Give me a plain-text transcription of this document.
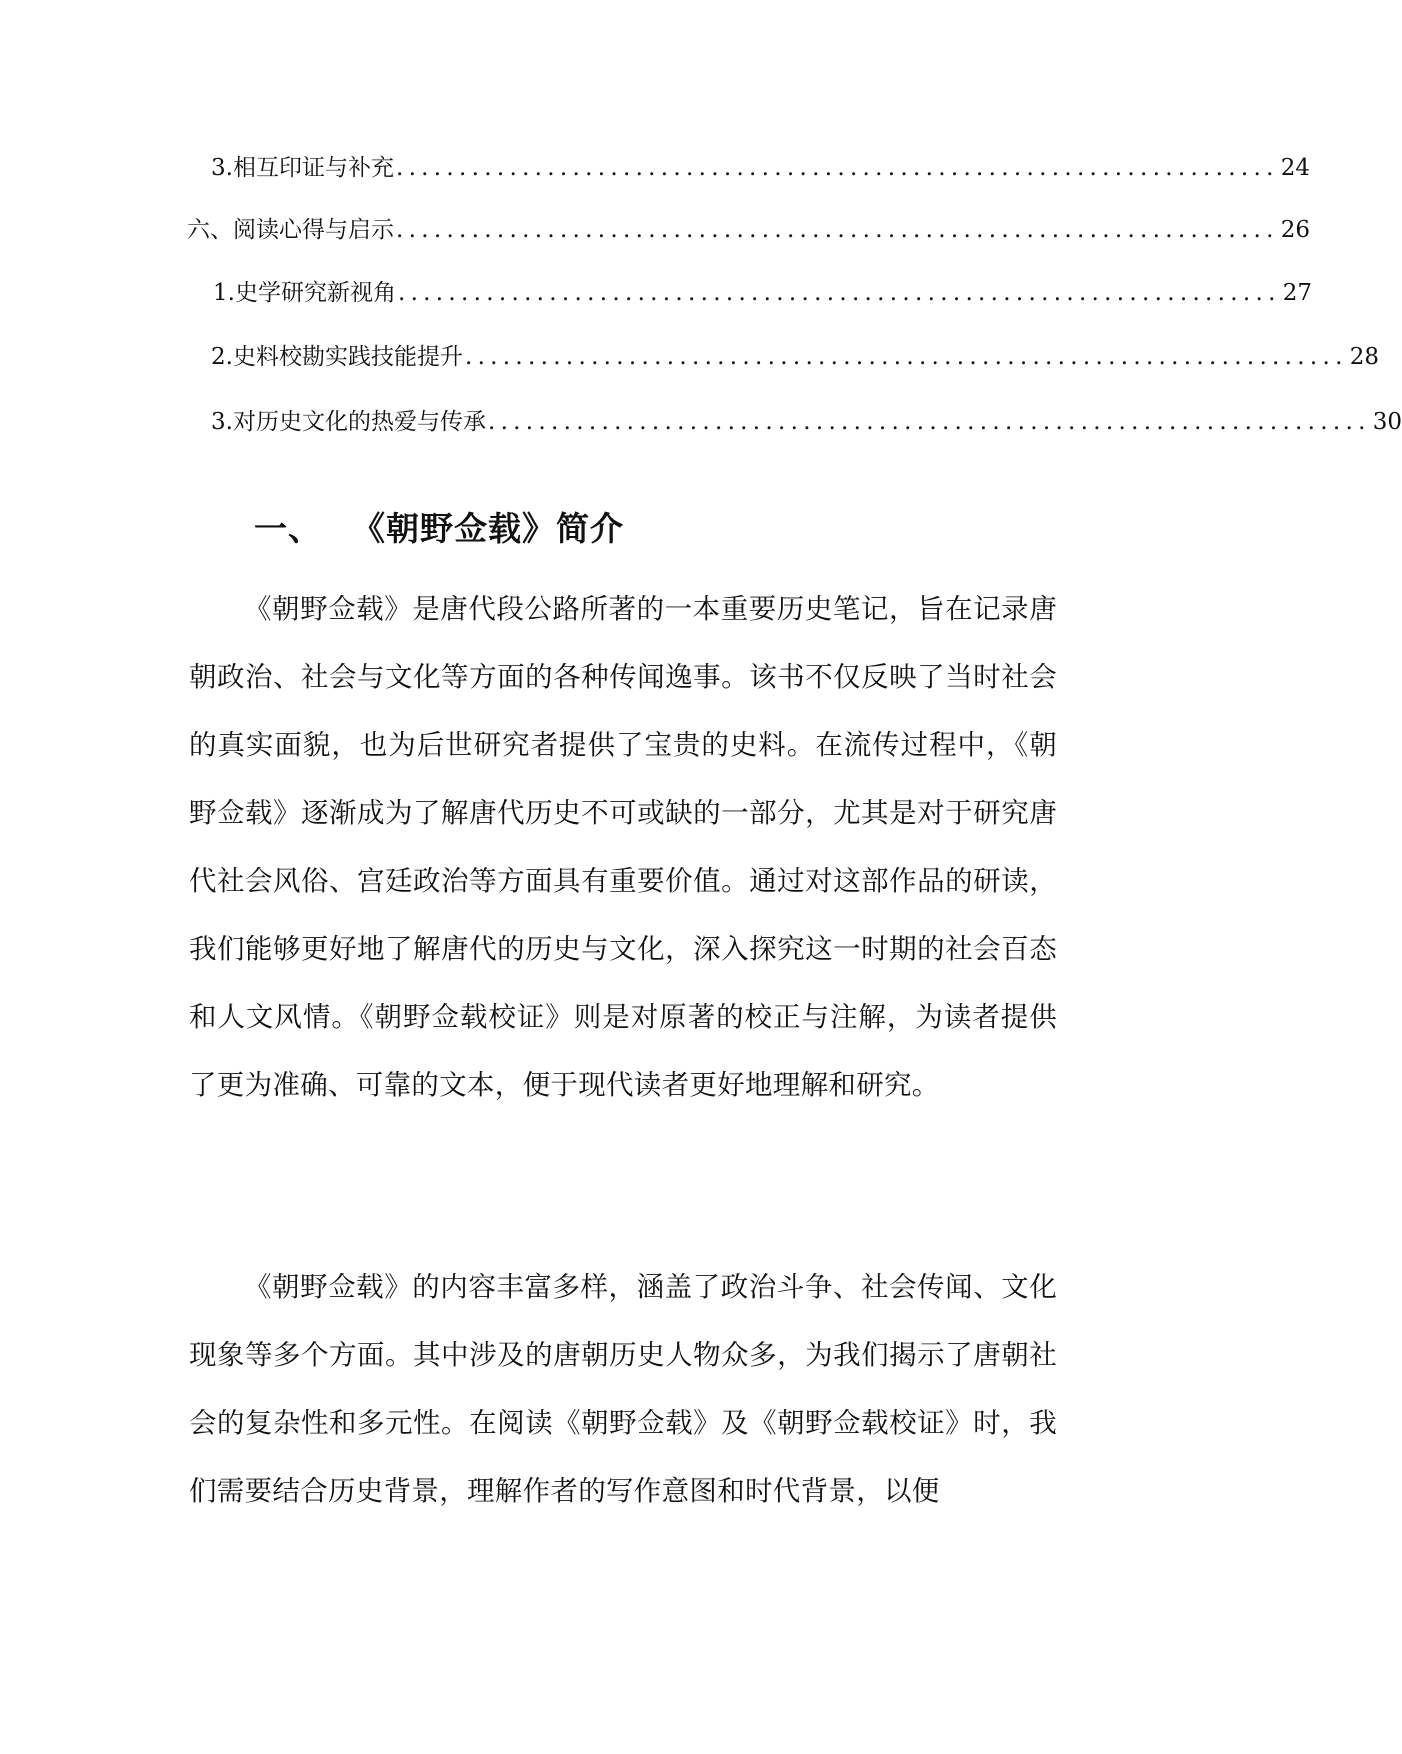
3. 相互印证与补充 ...................................................................... 24
六、阅读心得与启示 ...................................................................... 26
1. 史学研究新视角 ...................................................................... 27
2. 史料校勘实践技能提升 ...................................................................... 28
3. 对历史文化的热爱与传承 ...................................................................... 30
一、 《朝野佥载》简介

《朝野佥载》是唐代段公路所著的一本重要历史笔记，旨在记录唐朝政治、社会与文化等方面的各种传闻逸事。该书不仅反映了当时社会的真实面貌，也为后世研究者提供了宝贵的史料。在流传过程中，《朝野佥载》逐渐成为了解唐代历史不可或缺的一部分，尤其是对于研究唐代社会风俗、宫廷政治等方面具有重要价值。通过对这部作品的研读，我们能够更好地了解唐代的历史与文化，深入探究这一时期的社会百态和人文风情。《朝野佥载校证》则是对原著的校正与注解，为读者提供了更为准确、可靠的文本，便于现代读者更好地理解和研究。

《朝野佥载》的内容丰富多样，涵盖了政治斗争、社会传闻、文化现象等多个方面。其中涉及的唐朝历史人物众多，为我们揭示了唐朝社会的复杂性和多元性。在阅读《朝野佥载》及《朝野佥载校证》时，我们需要结合历史背景，理解作者的写作意图和时代背景，以便
